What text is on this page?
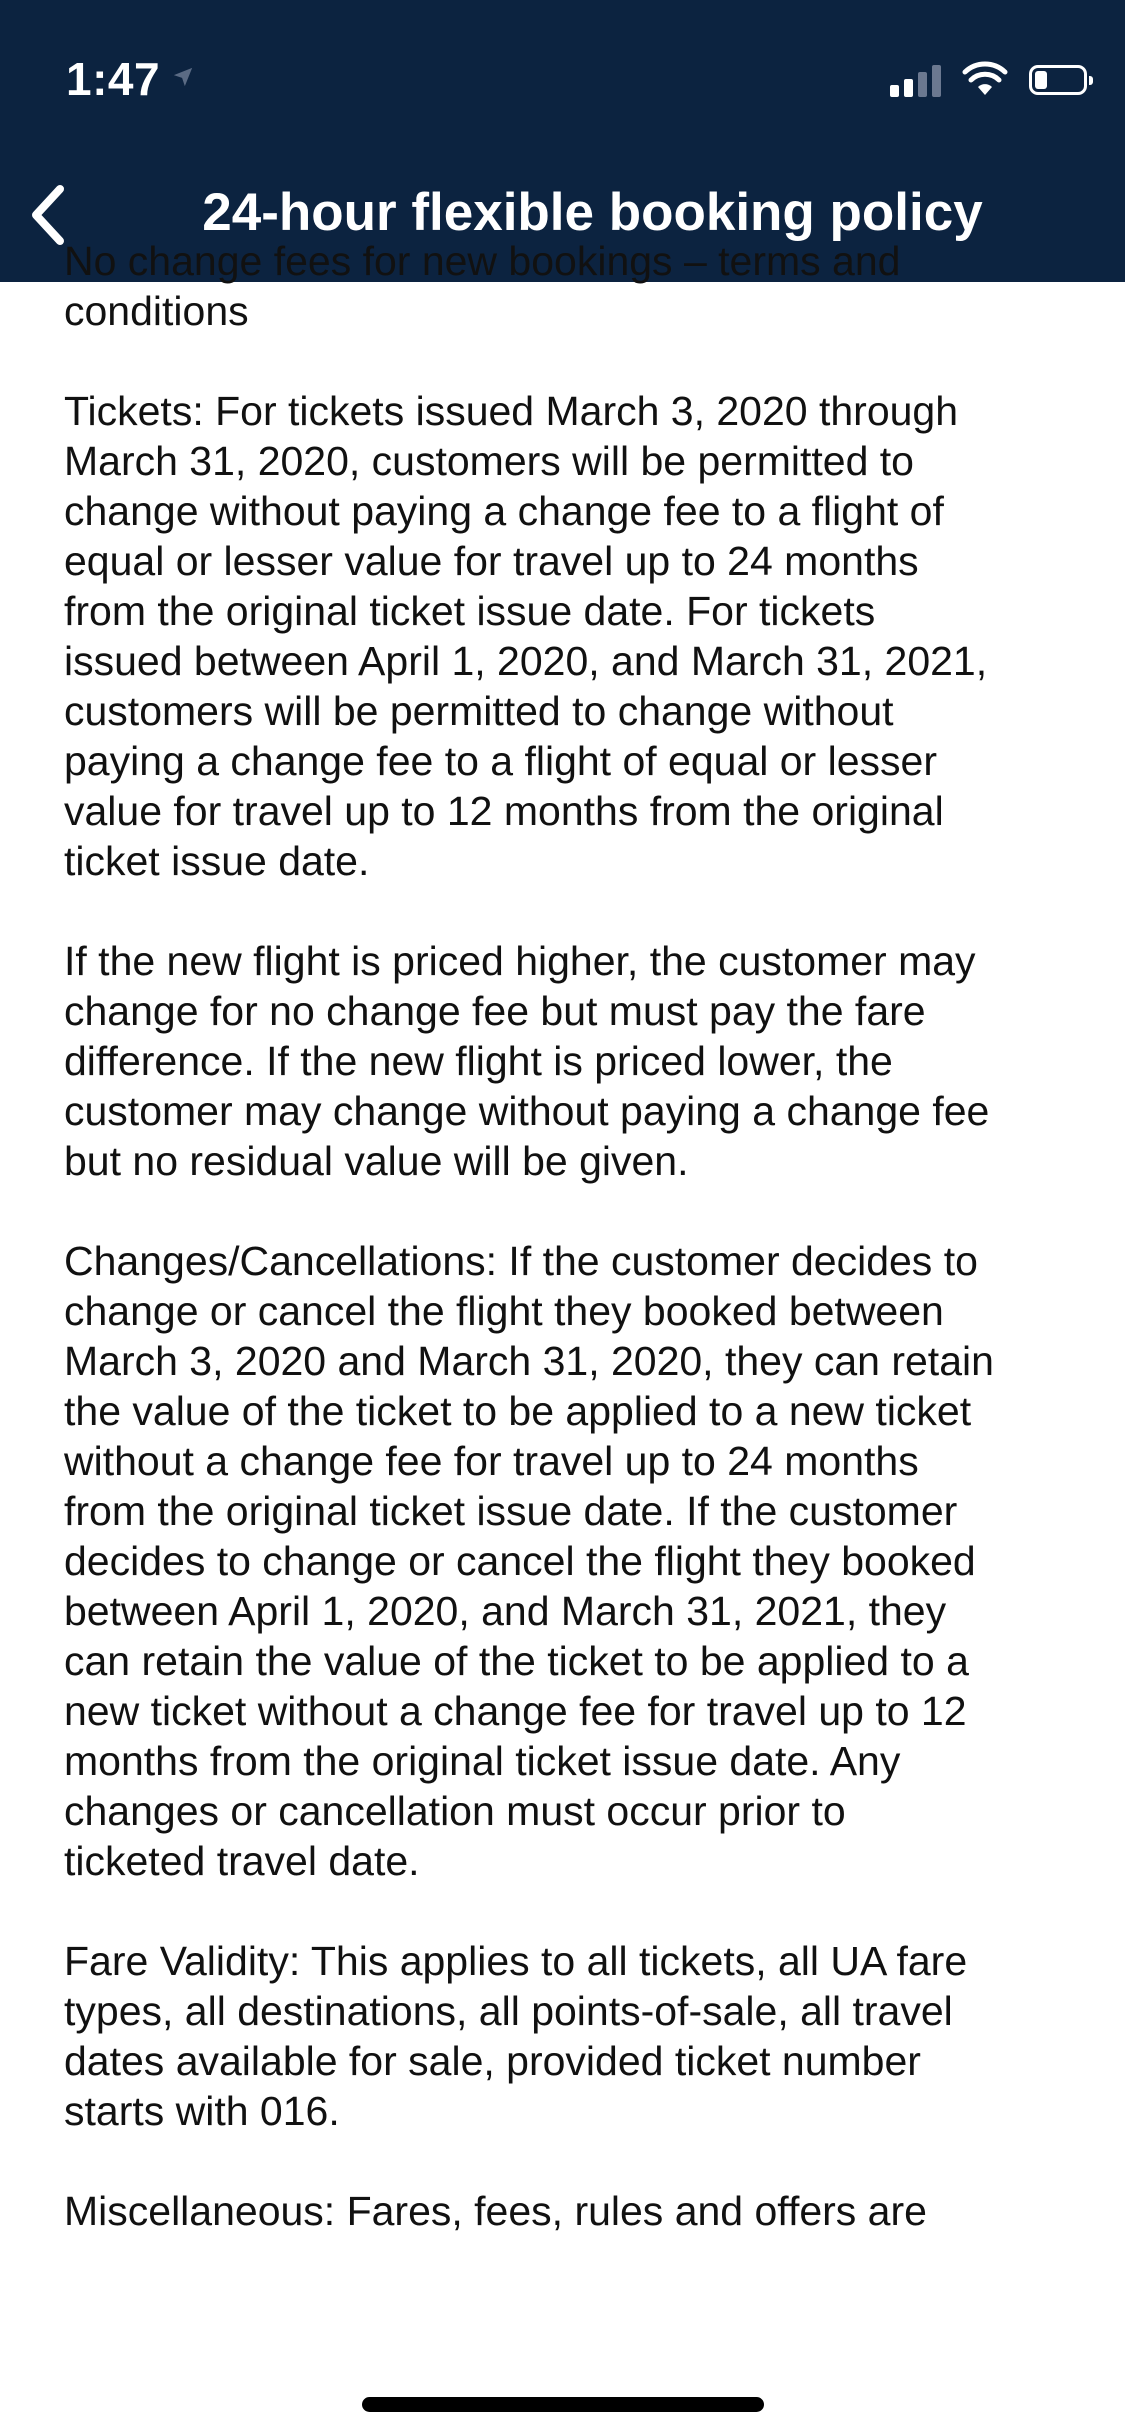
1:47
24-hour flexible booking policy

No change fees for new bookings – terms and
conditions

Tickets: For tickets issued March 3, 2020 through
March 31, 2020, customers will be permitted to
change without paying a change fee to a flight of
equal or lesser value for travel up to 24 months
from the original ticket issue date. For tickets
issued between April 1, 2020, and March 31, 2021,
customers will be permitted to change without
paying a change fee to a flight of equal or lesser
value for travel up to 12 months from the original
ticket issue date.

If the new flight is priced higher, the customer may
change for no change fee but must pay the fare
difference. If the new flight is priced lower, the
customer may change without paying a change fee
but no residual value will be given.

Changes/Cancellations: If the customer decides to
change or cancel the flight they booked between
March 3, 2020 and March 31, 2020, they can retain
the value of the ticket to be applied to a new ticket
without a change fee for travel up to 24 months
from the original ticket issue date. If the customer
decides to change or cancel the flight they booked
between April 1, 2020, and March 31, 2021, they
can retain the value of the ticket to be applied to a
new ticket without a change fee for travel up to 12
months from the original ticket issue date. Any
changes or cancellation must occur prior to
ticketed travel date.

Fare Validity: This applies to all tickets, all UA fare
types, all destinations, all points-of-sale, all travel
dates available for sale, provided ticket number
starts with 016.

Miscellaneous: Fares, fees, rules and offers are
